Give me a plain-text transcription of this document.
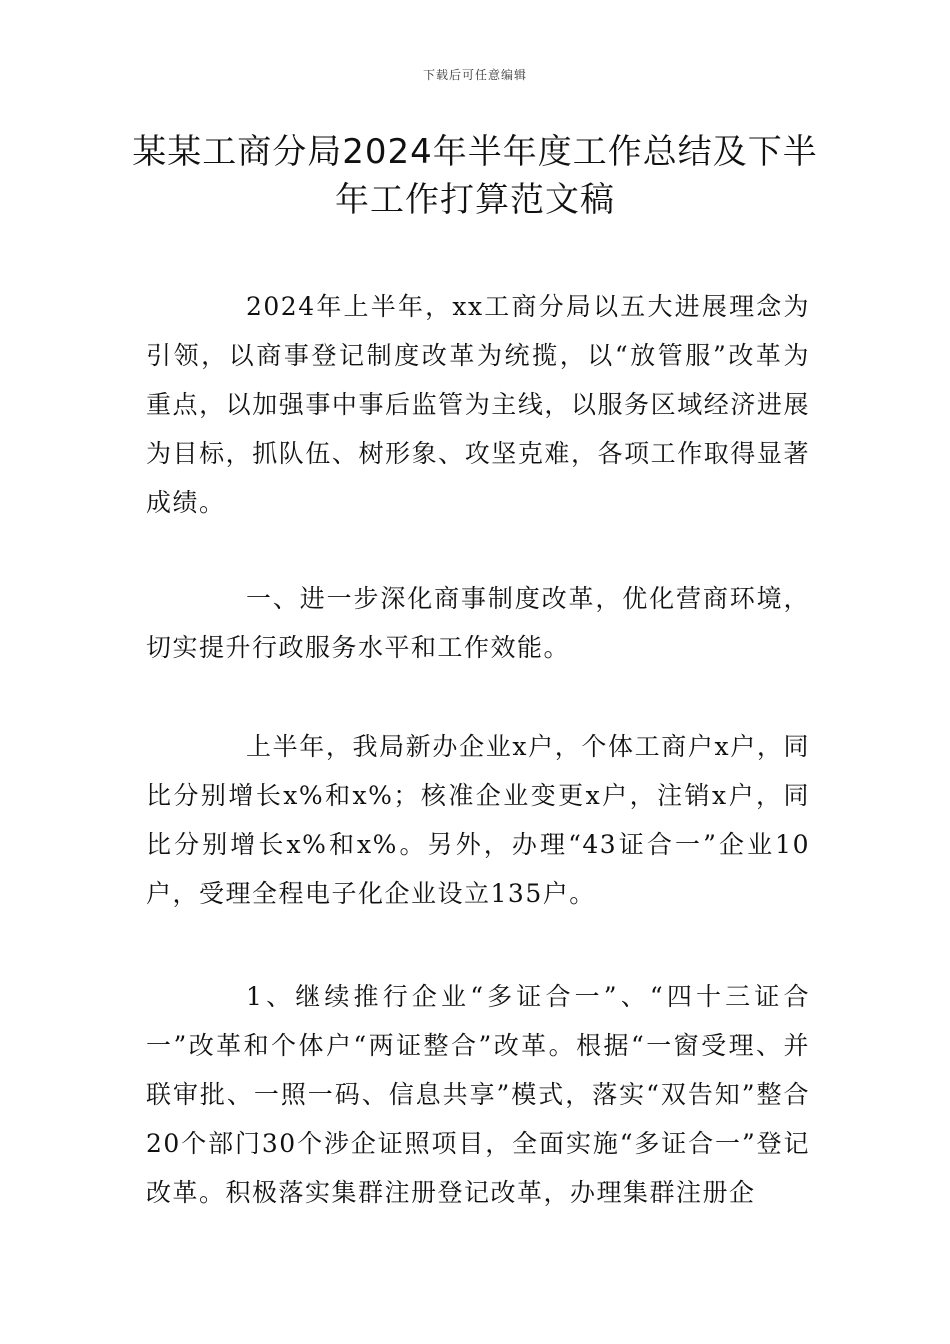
下载后可任意编辑
某某工商分局2024年半年度工作总结及下半年工作打算范文稿

2024年上半年，xx工商分局以五大进展理念为引领，以商事登记制度改革为统揽，以“放管服”改革为重点，以加强事中事后监管为主线，以服务区域经济进展为目标，抓队伍、树形象、攻坚克难，各项工作取得显著成绩。

一、进一步深化商事制度改革，优化营商环境，切实提升行政服务水平和工作效能。

上半年，我局新办企业x户，个体工商户x户，同比分别增长x%和x%；核准企业变更x户，注销x户，同比分别增长x%和x%。另外，办理“43证合一”企业10户，受理全程电子化企业设立135户。

1、继续推行企业“多证合一”、“四十三证合一”改革和个体户“两证整合”改革。根据“一窗受理、并联审批、一照一码、信息共享”模式，落实“双告知”整合20个部门30个涉企证照项目，全面实施“多证合一”登记改革。积极落实集群注册登记改革，办理集群注册企
